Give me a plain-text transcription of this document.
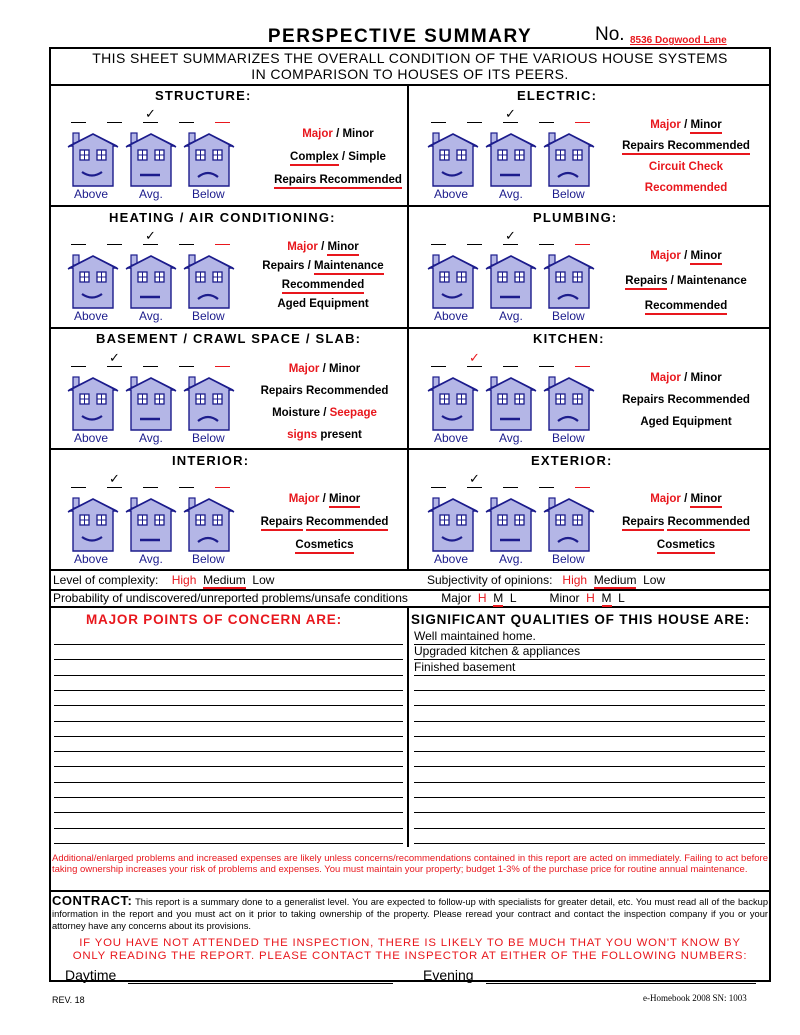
PERSPECTIVE SUMMARY	No. 8536 Dogwood Lane
THIS SHEET SUMMARIZES THE OVERALL CONDITION OF THE VARIOUS HOUSE SYSTEMS
IN COMPARISON TO HOUSES OF ITS PEERS.
STRUCTURE:
✓
Above	Avg. Below
Major / Minor
Complex / Simple
Repairs Recommended
ELECTRIC:
✓
Above	Avg. Below
Major / Minor
Repairs Recommended
Circuit Check
Recommended
HEATING / AIR CONDITIONING:
✓
Above	Avg. Below
Major / Minor
Repairs / Maintenance
Recommended
Aged Equipment
PLUMBING:
✓
Above	Avg. Below
Major / Minor
Repairs / Maintenance
Recommended
BASEMENT / CRAWL SPACE / SLAB:
✓
Above	Avg. Below
Major / Minor
Repairs Recommended
Moisture / Seepage
signs present
KITCHEN:
✓
Above	Avg. Below
Major / Minor
Repairs Recommended
Aged Equipment
INTERIOR:
✓
Above	Avg. Below
Major / Minor
Repairs Recommended
Cosmetics
EXTERIOR:
✓
Above	Avg. Below
Major / Minor
Repairs Recommended
Cosmetics
Level of complexity:    High Medium  Low	Subjectivity of opinions:   High Medium  Low
Probability of undiscovered/unreported problems/unsafe conditions          Major  H M  L          Minor  H M  L
MAJOR POINTS OF CONCERN ARE:	SIGNIFICANT QUALITIES OF THIS HOUSE ARE:
Well maintained home.
Upgraded kitchen & appliances
Finished basement
Additional/enlarged problems and increased expenses are likely unless concerns/recommendations contained in this report are acted on immediately. Failing to act before taking ownership increases your risk of problems and expenses. You must maintain your property; budget 1-3% of the purchase price for routine annual maintenance.
CONTRACT: This report is a summary done to a generalist level. You are expected to follow-up with specialists for greater detail, etc. You must read all of the backup information in the report and you must act on it prior to taking ownership of the property. Please reread your contract and contact the inspection company if you or your attorney have any concerns about its provisions.
IF YOU HAVE NOT ATTENDED THE INSPECTION, THERE IS LIKELY TO BE MUCH THAT YOU WON'T KNOW BY
ONLY READING THE REPORT. PLEASE CONTACT THE INSPECTOR AT EITHER OF THE FOLLOWING NUMBERS:
Daytime	Evening
REV. 18	e-Homebook 2008 SN: 1003
